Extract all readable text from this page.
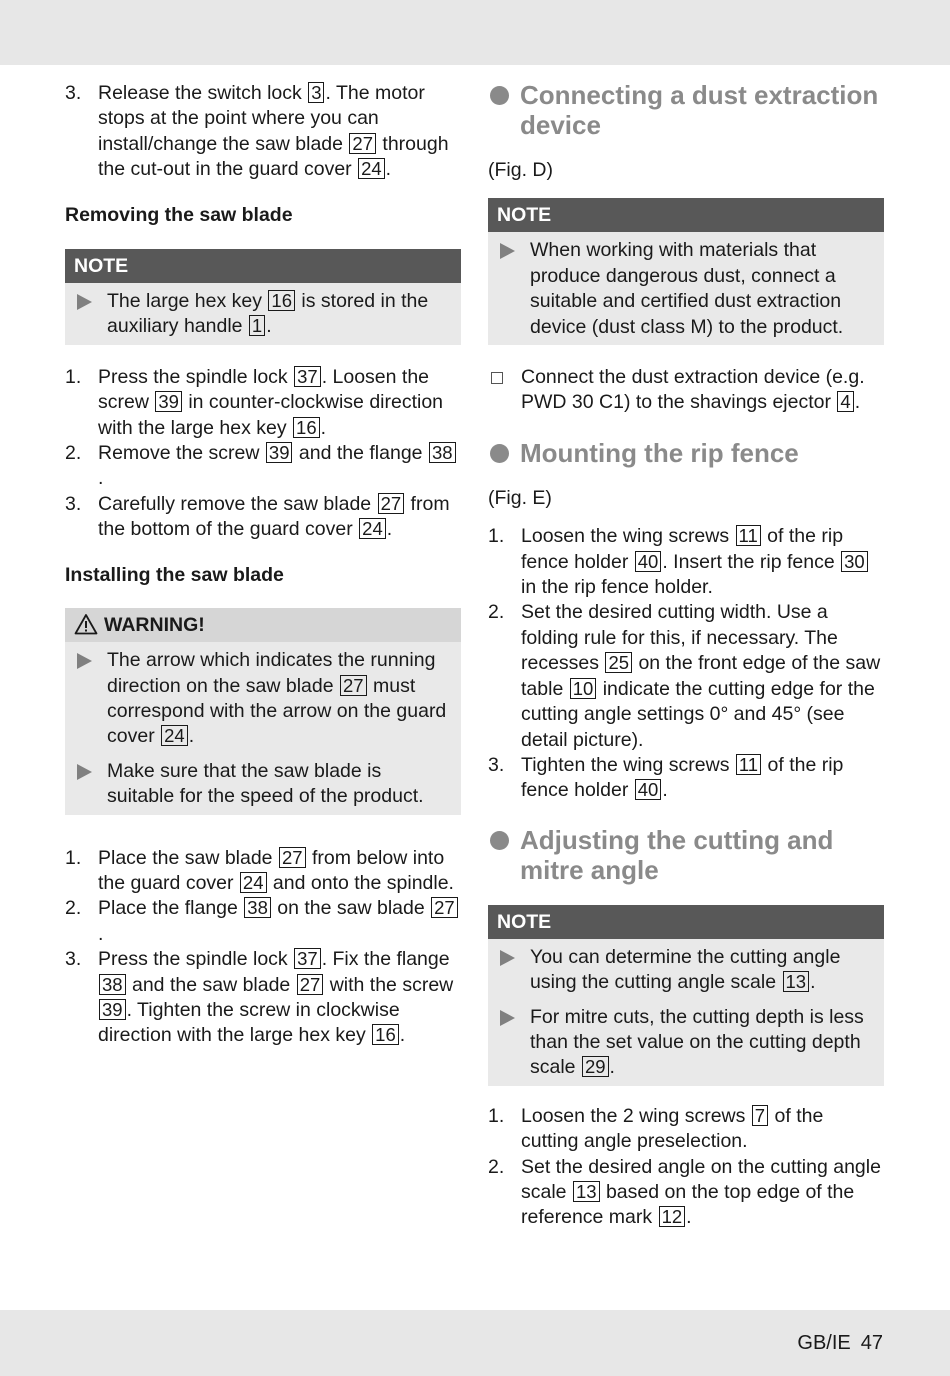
3. Release the switch lock 3 . The motor stops at the point where you can install/change the saw blade 27 through the cut-out in the guard cover 24 .

Removing the saw blade

NOTE
The large hex key 16 is stored in the auxiliary handle 1 .
1. Press the spindle lock 37 . Loosen the screw 39 in counter-clockwise direction with the large hex key 16 .
2. Remove the screw 39 and the flange 38.
3. Carefully remove the saw blade 27 from the bottom of the guard cover 24 .

Installing the saw blade

WARNING!
The arrow which indicates the running direction on the saw blade 27 must correspond with the arrow on the guard cover 24 .
Make sure that the saw blade is suitable for the speed of the product.
1. Place the saw blade 27 from below into the guard cover 24 and onto the spindle.
2. Place the flange 38 on the saw blade 27.
3. Press the spindle lock 37 . Fix the flange 38 and the saw blade 27 with the screw 39 . Tighten the screw in clockwise direction with the large hex key 16 .
Connecting a dust extraction device

(Fig. D)

NOTE
When working with materials that produce dangerous dust, connect a suitable and certified dust extraction device (dust class M) to the product.
Connect the dust extraction device (e.g. PWD 30 C1) to the shavings ejector 4 .
Mounting the rip fence

(Fig. E)

1. Loosen the wing screws 11 of the rip fence holder 40 . Insert the rip fence 30 in the rip fence holder.
2. Set the desired cutting width. Use a folding rule for this, if necessary. The recesses 25 on the front edge of the saw table 10 indicate the cutting edge for the cutting angle settings 0° and 45° (see detail picture).
3. Tighten the wing screws 11 of the rip fence holder 40 .
Adjusting the cutting and mitre angle
NOTE
You can determine the cutting angle using the cutting angle scale 13 .
For mitre cuts, the cutting depth is less than the set value on the cutting depth scale 29 .
1. Loosen the 2 wing screws 7 of the cutting angle preselection.
2. Set the desired angle on the cutting angle scale 13 based on the top edge of the reference mark 12 .
GB/IE 47
